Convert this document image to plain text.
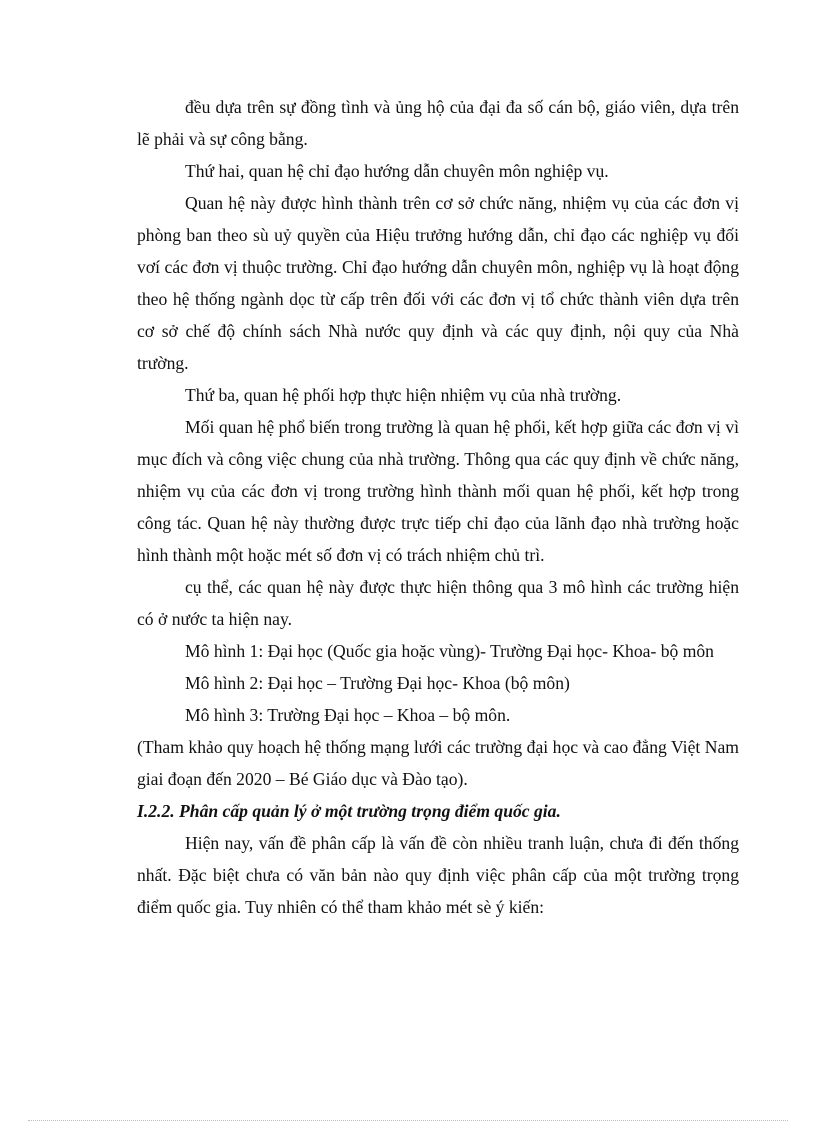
đều dựa trên sự đồng tình và ủng hộ của đại đa số cán bộ, giáo viên, dựa trên lẽ phải và sự công bằng.

Thứ hai, quan hệ chỉ đạo hướng dẫn chuyên môn nghiệp vụ.

Quan hệ này được hình thành trên cơ sở chức năng, nhiệm vụ của các đơn vị phòng ban theo sù uỷ quyền của Hiệu trưởng hướng dẫn, chỉ đạo các nghiệp vụ đối vơí các đơn vị thuộc trường. Chỉ đạo hướng dẫn chuyên môn, nghiệp vụ là hoạt động theo hệ thống ngành dọc từ cấp trên đối với các đơn vị tổ chức thành viên dựa trên cơ sở chế độ chính sách Nhà nước quy định và các quy định, nội quy của Nhà trường.

Thứ ba, quan hệ phối hợp thực hiện nhiệm vụ của nhà trường.

Mối quan hệ phổ biến trong trường là quan hệ phối, kết hợp giữa các đơn vị vì mục đích và công việc chung của nhà trường. Thông qua các quy định về chức năng, nhiệm vụ của các đơn vị trong trường hình thành mối quan hệ phối, kết hợp trong công tác. Quan hệ này thường được trực tiếp chỉ đạo của lãnh đạo nhà trường hoặc hình thành một hoặc mét số đơn vị có trách nhiệm chủ trì.

cụ thể, các quan hệ này được thực hiện thông qua 3 mô hình các trường hiện có ở nước ta hiện nay.

Mô hình 1: Đại học (Quốc gia hoặc vùng)- Trường Đại học- Khoa- bộ môn

Mô hình 2: Đại học – Trường Đại học- Khoa (bộ môn)

Mô hình 3: Trường Đại học – Khoa – bộ môn.

(Tham khảo quy hoạch hệ thống mạng lưới các trường đại học và cao đẳng Việt Nam giai đoạn đến 2020 – Bé Giáo dục và Đào tạo).

I.2.2. Phân cấp quản lý ở một trường trọng điểm quốc gia.

Hiện nay, vấn đề phân cấp là vấn đề còn nhiều tranh luận, chưa đi đến thống nhất. Đặc biệt chưa có văn bản nào quy định việc phân cấp của một trường trọng điểm quốc gia. Tuy nhiên có thể tham khảo mét sè ý kiến:
